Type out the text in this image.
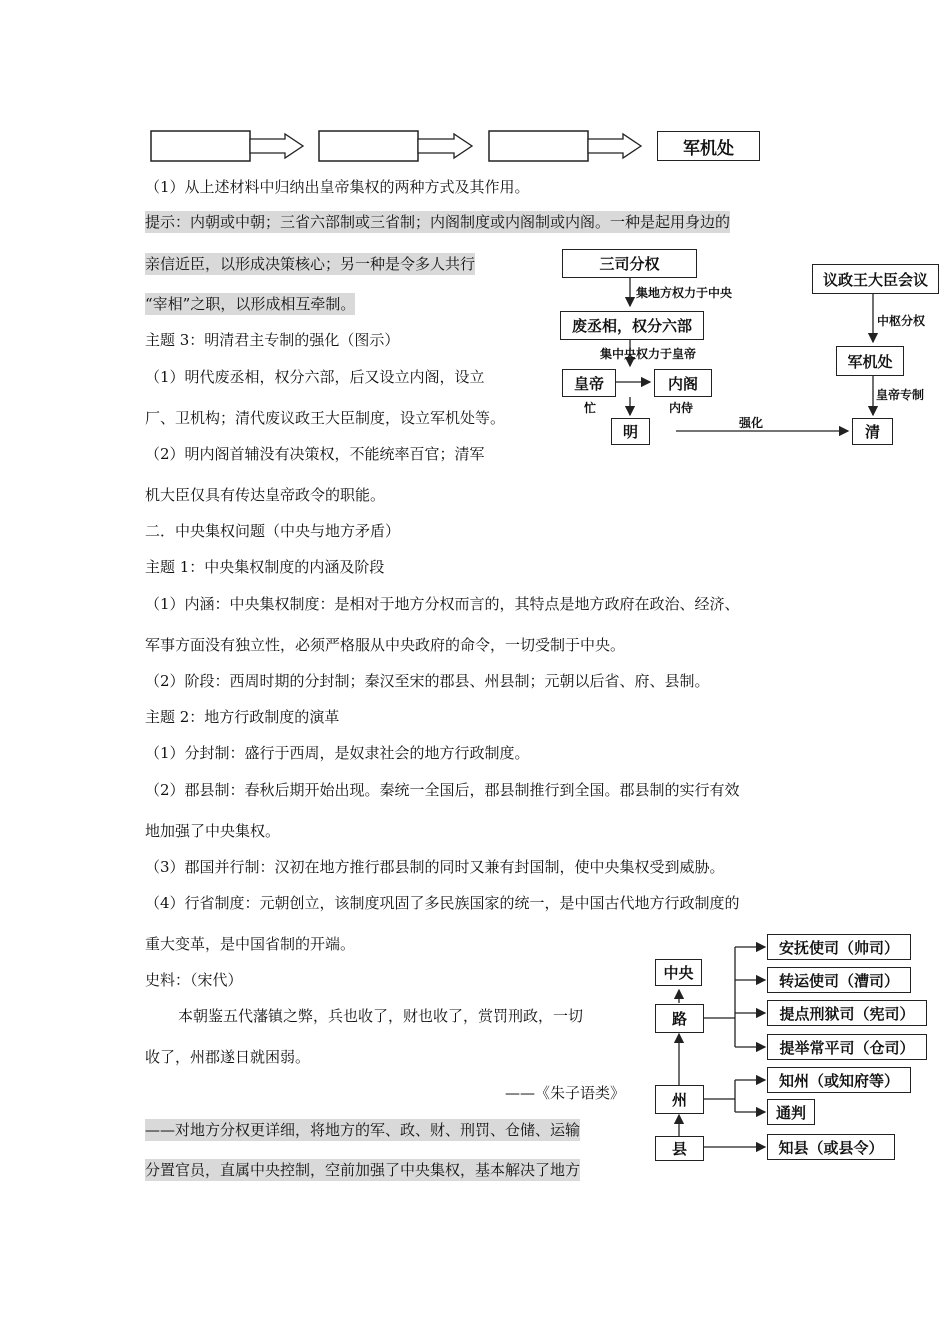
军机处
（1）从上述材料中归纳出皇帝集权的两种方式及其作用。
提示：内朝或中朝；三省六部制或三省制；内阁制度或内阁制或内阁。一种是起用身边的
亲信近臣，以形成决策核心；另一种是令多人共行
“宰相”之职，以形成相互牵制。
主题 3：明清君主专制的强化（图示）
（1）明代废丞相，权分六部，后又设立内阁，设立
厂、卫机构；清代废议政王大臣制度，设立军机处等。
（2）明内阁首辅没有决策权，不能统率百官；清军
机大臣仅具有传达皇帝政令的职能。
二．中央集权问题（中央与地方矛盾）
主题 1：中央集权制度的内涵及阶段
（1）内涵：中央集权制度：是相对于地方分权而言的，其特点是地方政府在政治、经济、
军事方面没有独立性，必须严格服从中央政府的命令，一切受制于中央。
（2）阶段：西周时期的分封制；秦汉至宋的郡县、州县制；元朝以后省、府、县制。
主题 2：地方行政制度的演革
（1）分封制：盛行于西周，是奴隶社会的地方行政制度。
（2）郡县制：春秋后期开始出现。秦统一全国后，郡县制推行到全国。郡县制的实行有效
地加强了中央集权。
（3）郡国并行制：汉初在地方推行郡县制的同时又兼有封国制，使中央集权受到威胁。
（4）行省制度：元朝创立，该制度巩固了多民族国家的统一，是中国古代地方行政制度的
重大变革，是中国省制的开端。
史料：（宋代）
本朝鉴五代藩镇之弊，兵也收了，财也收了，赏罚刑政，一切
收了，州郡遂日就困弱。
——《朱子语类》
——对地方分权更详细，将地方的军、政、财、刑罚、仓储、运输
分置官员，直属中央控制，空前加强了中央集权，基本解决了地方
三司分权
集地方权力于中央
废丞相，权分六部
集中央权力于皇帝
皇帝	内阁
忙	内侍
明	强化	清
议政王大臣会议
中枢分权
军机处
皇帝专制
中央
路
州
县
安抚使司（帅司）
转运使司（漕司）
提点刑狱司（宪司）
提举常平司（仓司）
知州（或知府等）
通判
知县（或县令）
